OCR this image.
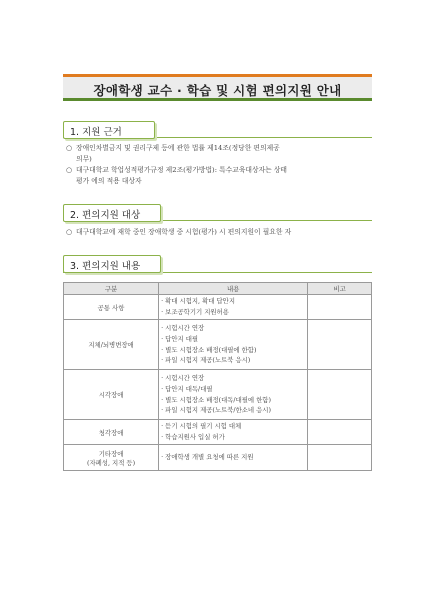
장애학생 교수 · 학습 및 시험 편의지원 안내
1. 지원 근거
○ 장애인차별금지 및 권리구제 등에 관한 법률 제14조(정당한 편의제공
의무)
○ 대구대학교 학업성적평가규정 제2조(평가방법): 특수교육대상자는 상태
평가 에의 적용 대상자
2. 편의지원 대상
○ 대구대학교에 재학 중인 장애학생 중 시험(평가) 시 편의지원이 필요한 자
3. 편의지원 내용
구분	내용	비고
공통 사항	· 확대 시험지, 확대 답안지
· 보조공학기기 지원허용	

지체/뇌병변장애	· 시험시간 연장
· 답안지 대필
· 별도 시험장소 배정(대필에 한함)
· 파일 시험지 제공(노트북 응시)	

시각장애	· 시험시간 연장
· 답안지 대독/대필
· 별도 시험장소 배정(대독/대필에 한함)
· 파일 시험지 제공(노트북/한소네 응시)	

청각장애	· 듣기 시험의 필기 시험 대체
· 학습지원사 입실 허가	

기타장애
(자폐성, 지적 등)	· 장애학생 개별 요청에 따른 지원	
